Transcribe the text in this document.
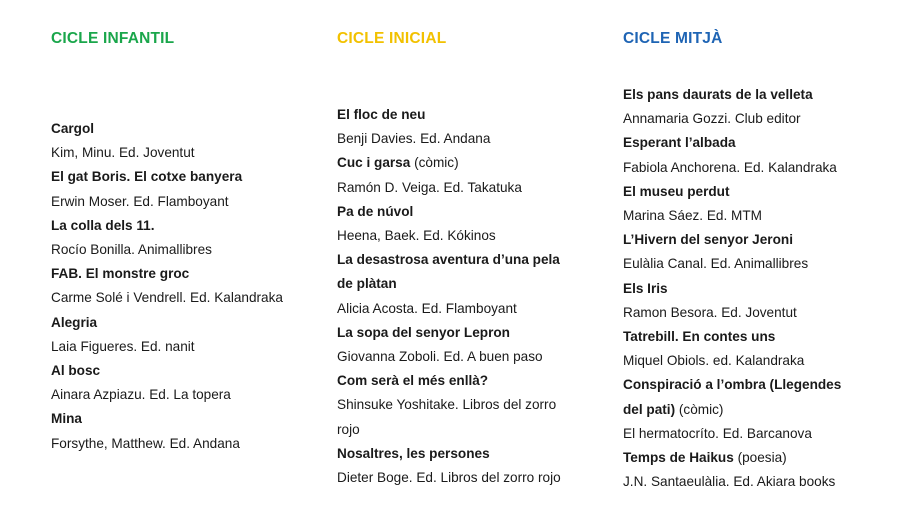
CICLE INFANTIL
Cargol
Kim, Minu. Ed. Joventut
El gat Boris. El cotxe banyera
Erwin Moser. Ed. Flamboyant
La colla dels 11.
Rocío Bonilla. Animallibres
FAB. El monstre groc
Carme Solé i Vendrell. Ed. Kalandraka
Alegria
Laia Figueres. Ed. nanit
Al bosc
Ainara Azpiazu. Ed. La topera
Mina
Forsythe, Matthew. Ed. Andana
CICLE INICIAL
El floc de neu
Benji Davies. Ed. Andana
Cuc i garsa (còmic)
Ramón D. Veiga. Ed. Takatuka
Pa de núvol
Heena, Baek. Ed. Kókinos
La desastrosa aventura d’una pela
de plàtan
Alicia Acosta. Ed. Flamboyant
La sopa del senyor Lepron
Giovanna Zoboli. Ed. A buen paso
Com serà el més enllà?
Shinsuke Yoshitake. Libros del zorro
rojo
Nosaltres, les persones
Dieter Boge. Ed. Libros del zorro rojo
CICLE MITJÀ
Els pans daurats de la velleta
Annamaria Gozzi. Club editor
Esperant l’albada
Fabiola Anchorena. Ed. Kalandraka
El museu perdut
Marina Sáez. Ed. MTM
L’Hivern del senyor Jeroni
Eulàlia Canal. Ed. Animallibres
Els Iris
Ramon Besora. Ed. Joventut
Tatrebill. En contes uns
Miquel Obiols. ed. Kalandraka
Conspiració a l’ombra (Llegendes
del pati) (còmic)
El hermatocríto. Ed. Barcanova
Temps de Haikus (poesia)
J.N. Santaeulàlia. Ed. Akiara books
